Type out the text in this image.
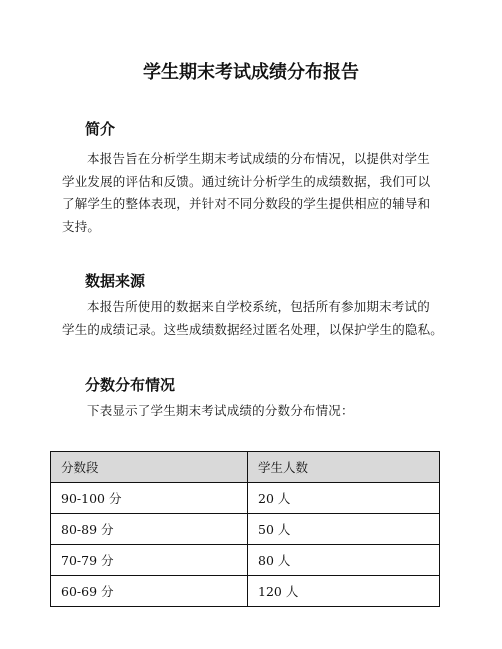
学生期末考试成绩分布报告
简介

本报告旨在分析学生期末考试成绩的分布情况，以提供对学生
学业发展的评估和反馈。通过统计分析学生的成绩数据，我们可以
了解学生的整体表现，并针对不同分数段的学生提供相应的辅导和
支持。

数据来源

本报告所使用的数据来自学校系统，包括所有参加期末考试的
学生的成绩记录。这些成绩数据经过匿名处理，以保护学生的隐私。

分数分布情况

下表显示了学生期末考试成绩的分数分布情况：

分数段	学生人数
90-100 分	20 人
80-89 分	50 人
70-79 分	80 人
60-69 分	120 人
